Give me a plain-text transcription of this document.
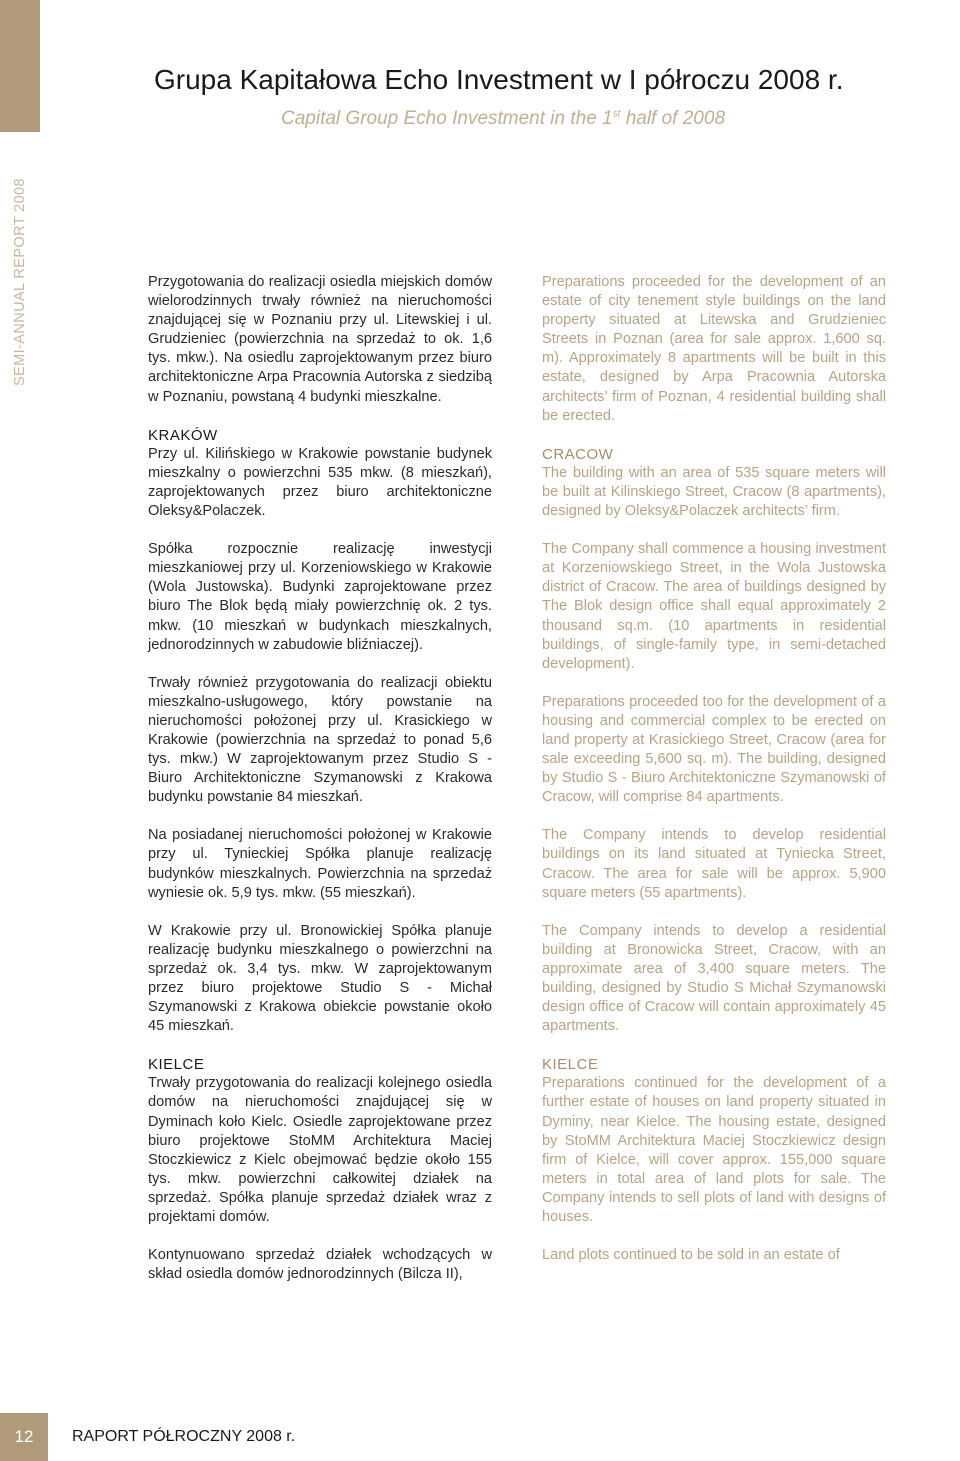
SEMI-ANNUAL REPORT 2008
Grupa Kapitałowa Echo Investment w I półroczu 2008 r.
Capital Group Echo Investment in the 1st half of 2008

Przygotowania do realizacji osiedla miejskich domów wielorodzinnych trwały również na nieruchomości znajdującej się w Poznaniu przy ul. Litewskiej i ul. Grudzieniec (powierzchnia na sprzedaż to ok. 1,6 tys. mkw.). Na osiedlu zaprojektowanym przez biuro architektoniczne Arpa Pracownia Autorska z siedzibą w Poznaniu, powstaną 4 budynki mieszkalne.

KRAKÓW

Przy ul. Kilińskiego w Krakowie powstanie budynek mieszkalny o powierzchni 535 mkw. (8 mieszkań), zaprojektowanych przez biuro architektoniczne Oleksy&Polaczek.

Spółka rozpocznie realizację inwestycji mieszkaniowej przy ul. Korzeniowskiego w Krakowie (Wola Justowska). Budynki zaprojektowane przez biuro The Blok będą miały powierzchnię ok. 2 tys. mkw. (10 mieszkań w budynkach mieszkalnych, jednorodzinnych w zabudowie bliźniaczej).

Trwały również przygotowania do realizacji obiektu mieszkalno-usługowego, który powstanie na nieruchomości położonej przy ul. Krasickiego w Krakowie (powierzchnia na sprzedaż to ponad 5,6 tys. mkw.) W zaprojektowanym przez Studio S - Biuro Architektoniczne Szymanowski z Krakowa budynku powstanie 84 mieszkań.

Na posiadanej nieruchomości położonej w Krakowie przy ul. Tynieckiej Spółka planuje realizację budynków mieszkalnych. Powierzchnia na sprzedaż wyniesie ok. 5,9 tys. mkw. (55 mieszkań).

W Krakowie przy ul. Bronowickiej Spółka planuje realizację budynku mieszkalnego o powierzchni na sprzedaż ok. 3,4 tys. mkw. W zaprojektowanym przez biuro projektowe Studio S - Michał Szymanowski z Krakowa obiekcie powstanie około 45 mieszkań.

KIELCE

Trwały przygotowania do realizacji kolejnego osiedla domów na nieruchomości znajdującej się w Dyminach koło Kielc. Osiedle zaprojektowane przez biuro projektowe StoMM Architektura Maciej Stoczkiewicz z Kielc obejmować będzie około 155 tys. mkw. powierzchni całkowitej działek na sprzedaż. Spółka planuje sprzedaż działek wraz z projektami domów.

Kontynuowano sprzedaż działek wchodzących w skład osiedla domów jednorodzinnych (Bilcza II),

Preparations proceeded for the development of an estate of city tenement style buildings on the land property situated at Litewska and Grudzieniec Streets in Poznan (area for sale approx. 1,600 sq. m). Approximately 8 apartments will be built in this estate, designed by Arpa Pracownia Autorska architects’ firm of Poznan, 4 residential building shall be erected.

CRACOW

The building with an area of 535 square meters will be built at Kilinskiego Street, Cracow (8 apartments), designed by Oleksy&Polaczek architects’ firm.

The Company shall commence a housing investment at Korzeniowskiego Street, in the Wola Justowska district of Cracow. The area of buildings designed by The Blok design office shall equal approximately 2 thousand sq.m. (10 apartments in residential buildings, of single-family type, in semi-detached development).

Preparations proceeded too for the development of a housing and commercial complex to be erected on land property at Krasickiego Street, Cracow (area for sale exceeding 5,600 sq. m). The building, designed by Studio S - Biuro Architektoniczne Szymanowski of Cracow, will comprise 84 apartments.

The Company intends to develop residential buildings on its land situated at Tyniecka Street, Cracow. The area for sale will be approx. 5,900 square meters (55 apartments).

The Company intends to develop a residential building at Bronowicka Street, Cracow, with an approximate area of 3,400 square meters. The building, designed by Studio S Michał Szymanowski design office of Cracow will contain approximately 45 apartments.

KIELCE

Preparations continued for the development of a further estate of houses on land property situated in Dyminy, near Kielce. The housing estate, designed by StoMM Architektura Maciej Stoczkiewicz design firm of Kielce, will cover approx. 155,000 square meters in total area of land plots for sale. The Company intends to sell plots of land with designs of houses.

Land plots continued to be sold in an estate of

12 RAPORT PÓŁROCZNY 2008 r.
